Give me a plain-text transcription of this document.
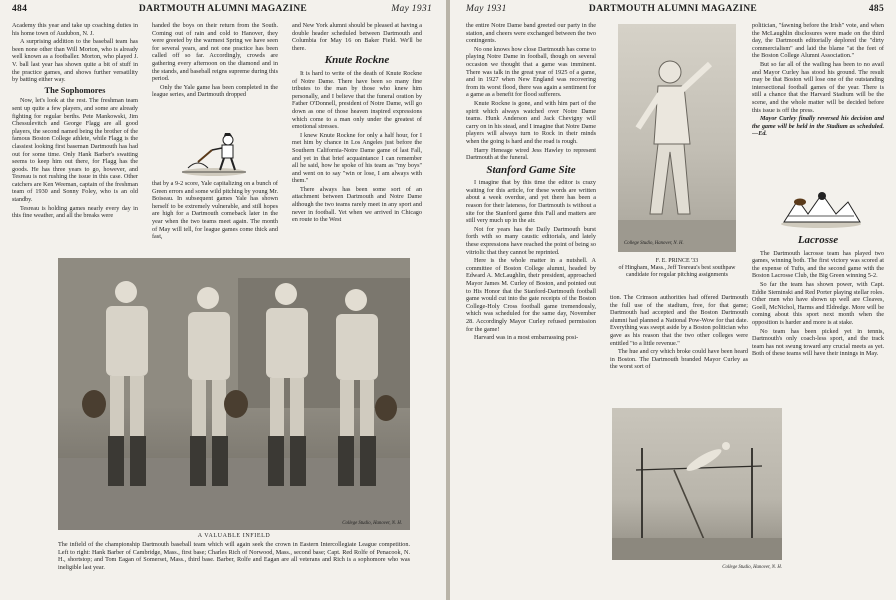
484	DARTMOUTH ALUMNI MAGAZINE	May 1931

Academy this year and take up coaching duties in his home town of Audubon, N. J.

A surprising addition to the baseball team has been none other than Will Morton, who is already well known as a footballer. Morton, who played J. V. ball last year has shown quite a bit of stuff in the practice games, and shows further versatility by batting either way.

The Sophomores

Now, let's look at the rest. The freshman team sent up quite a few players, and some are already fighting for regular berths. Pete Mankowski, Jim Chessulevitch and George Flagg are all good players, the second named being the brother of the famous Boston College athlete, while Flagg is the classiest looking first baseman Dartmouth has had out for some time. Only Hank Barber's swatting seems to keep him out there, for Flagg has the goods. He has three years to go, however, and Tesreau is not rushing the issue in this case. Other catchers are Ken Weeman, captain of the freshman team of 1930 and Sonny Foley, who is an old standby.

Tesreau is holding games nearly every day in this fine weather, and all the breaks were

handed the boys on their return from the South. Coming out of rain and cold to Hanover, they were greeted by the warmest Spring we have seen for several years, and not one practice has been called off so far. Accordingly, crowds are gathering every afternoon on the diamond and in the stands, and baseball reigns supreme during this period.

Only the Yale game has been completed in the league series, and Dartmouth dropped

that by a 9-2 score, Yale capitalizing on a bunch of Green errors and some wild pitching by young Mr. Boiseau. In subsequent games Yale has shown herself to be extremely vulnerable, and still hopes are high for a Dartmouth comeback later in the year when the two teams meet again. The month of May will tell, for league games come thick and fast,

and New York alumni should be pleased at having a double header scheduled between Dartmouth and Columbia for May 16 on Baker Field. We'll be there.

Knute Rockne

It is hard to write of the death of Knute Rockne of Notre Dame. There have been so many fine tributes to the man by those who knew him personally, and I believe that the funeral oration by Father O'Donnell, president of Notre Dame, will go down as one of those heaven inspired expressions which come to a man only under the greatest of emotional stresses.

I knew Knute Rockne for only a half hour, for I met him by chance in Los Angeles just before the Southern California-Notre Dame game of last Fall, and yet in that brief acquaintance I can remember all he said, how he spoke of his team as "my boys" and went on to say "win or lose, I am always with them."

There always has been some sort of an attachment between Dartmouth and Notre Dame although the two teams rarely meet in any sport and never in football. Yet when we arrived in Chicago en route to the West

College Studio, Hanover, N. H.
A VALUABLE INFIELD
The infield of the championship Dartmouth baseball team which will again seek the crown in Eastern Intercollegiate League competition. Left to right: Hank Barber of Cambridge, Mass., first base; Charles Rich of Norwood, Mass., second base; Capt. Red Rolfe of Penacook, N. H., shortstop; and Tom Eagan of Somerset, Mass., third base. Barber, Rolfe and Eagan are all veterans and Rich is a sophomore who was ineligible last year.
May 1931	DARTMOUTH ALUMNI MAGAZINE	485

the entire Notre Dame band greeted our party in the station, and cheers were exchanged between the two contingents.

No one knows how close Dartmouth has come to playing Notre Dame in football, though on several occasion we thought that a game was imminent. There was talk in the great year of 1925 of a game, and in 1927 when New England was recovering from its worst flood, there was again a sentiment for a game as a benefit for flood sufferers.

Knute Rockne is gone, and with him part of the spirit which always watched over Notre Dame teams. Hunk Anderson and Jack Chevigny will carry on in his stead, and I imagine that Notre Dame players will always turn to Rock in their minds when the going is hard and the road is rough.

Harry Heneage wired Jess Hawley to represent Dartmouth at the funeral.

Stanford Game Site

I imagine that by this time the editor is crazy waiting for this article, for these words are written about a week overdue, and yet there has been a reason for their lateness, for Dartmouth is without a site for the Stanford game this Fall and matters are still very much up in the air.

Not for years has the Daily Dartmouth burst forth with so many caustic editorials, and lately these expressions have reached the point of being so vitriolic that they cannot be reprinted.

Here is the whole matter in a nutshell. A committee of Boston College alumni, headed by Edward A. McLaughlin, their president, approached Mayor James M. Curley of Boston, and pointed out to His Honor that the Stanford-Dartmouth football game would cut into the gate receipts of the Boston College-Holy Cross football game tremendously, which was scheduled for the same day, November 28. Accordingly Mayor Curley refused permission for the game!

Harvard was in a most embarrassing posi-

College Studio, Hanover, N. H.
F. E. PRINCE '33
of Hingham, Mass., Jeff Tesreau's best southpaw candidate for regular pitching assignments

tion. The Crimson authorities had offered Dartmouth the full use of the stadium, free, for that game; Dartmouth had accepted and the Boston Dartmouth alumni had planned a National Pow-Wow for that date. Everything was swept aside by a Boston politician who gave as his reason that the two other colleges were entitled "to a little revenue."

The hue and cry which broke could have been heard in Boston. The Dartmouth branded Mayor Curley as the worst sort of

politician, "fawning before the Irish" vote, and when the McLaughlin disclosures were made on the third day, the Dartmouth editorially deplored the "dirty commercialism" and laid the blame "at the feet of the Boston College Alumni Association."

But so far all of the wailing has been to no avail and Mayor Curley has stood his ground. The result may be that Boston will lose one of the outstanding intersectional football games of the year. There is still a chance that the Harvard Stadium will be the scene, and the whole matter will be decided before this issue is off the press.

Mayor Curley finally reversed his decision and the game will be held in the Stadium as scheduled.—Ed.

Lacrosse

The Dartmouth lacrosse team has played two games, winning both. The first victory was scored at the expense of Tufts, and the second game with the Boston Lacrosse Club, the Big Green winning 5-2.

So far the team has shown power, with Capt. Eddie Sieminski and Red Porter playing stellar roles. Other men who have shown up well are Cleaves, Goell, McNichol, Harms and Eldredge. More will be coming about this sport next month when the opposition is harder and more is at stake.

No team has been picked yet in tennis, Dartmouth's only coach-less sport, and the track team has not swung toward any crucial meets as yet. Both of these teams will have their innings in May.

College Studio, Hanover, N. H.
